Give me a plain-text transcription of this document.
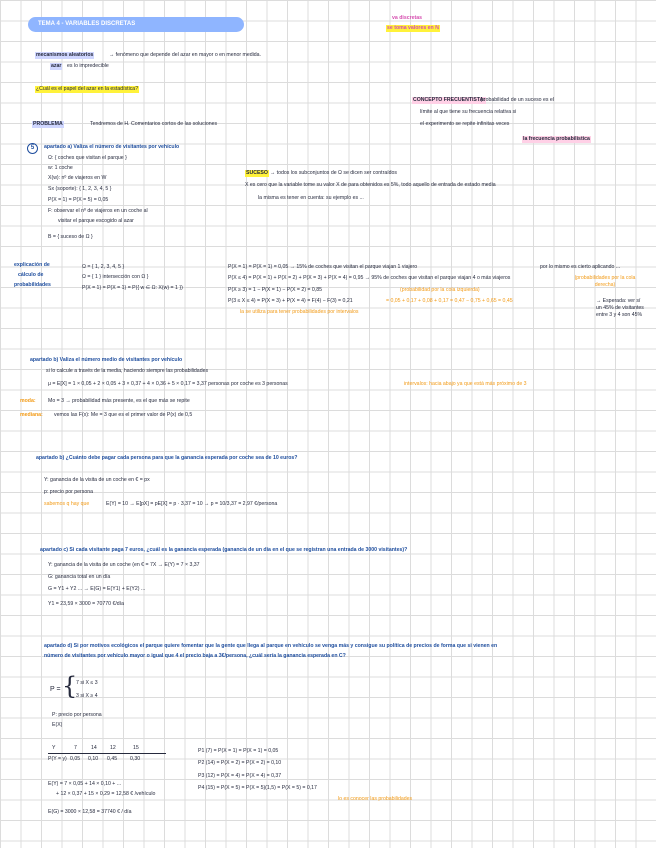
TEMA 4 - VARIABLES DISCRETAS
va discretas
se toma valores en ℕ
mecanismos aleatorios	→ fenómeno que depende del azar en mayor o en menor medida.
azar es lo impredecible
¿Cuál es el papel del azar en la estadística?
CONCEPTO FRECUENTISTA:
probabilidad de un suceso es el
límite al que tiene su frecuencia relativa si
el experimento se repite infinitas veces
la frecuencia probabilística
PROBLEMA	Tendremos de H. Comentarios cortos de las soluciones
5	apartado a) Valiza el número de visitantes por vehículo
Ω: { coches que visitan el parque }
w: 1 coche
X(w): nº de viajeros en W
Sx (soporte): { 1, 2, 3, 4, 5 }
P(X = 1) = P(X = 5) = 0,05
F: observar el nº de viajeros en un coche al
visitar el parque escogido al azar
B = { suceso de Ω }
SUCESO → todos los subconjuntos de Ω se dicen ser contraídos
X es cero que la variable tome su valor X de para obtenidos es 5%, todo aquello de entrada de estado media
la misma es tener en cuenta: su ejemplo es ...
explicación de
cálculo de
probabilidades
Ω = { 1, 2, 3, 4, 5 }
Ω = { 1 } intersección con Ω }
P(X = 1) = P(X = 1) = P({ w ∈ Ω: X(w) = 1 })
P(X = 1) = P(X = 1) = 0,05 → 15% de coches que visitan el parque viajan 1 viajero	por lo mismo es cierto aplicando ...
P(X ≤ 4) = P(X = 1) + P(X = 2) + P(X = 3) + P(X = 4) = 0,95 → 95% de coches que visitan el parque viajan 4 o más viajeros	(probabilidades por la cola derecha)
P(X ≥ 3) = 1 − P(X = 1) − P(X = 2) = 0,85	(probabilidad por la cola izquierda)
P(3 ≤ X ≤ 4) = P(X = 3) + P(X = 4) = F(4) − F(3) = 0,21	= 0,05 + 0,17 + 0,08 + 0,17 = 0,47 − 0,75 + 0,65 = 0,45	→ Esperada: ver sí un 45% de visitantes entre 3 y 4 son 45%
la se utiliza para tener probabilidades por intervalos
apartado b) Valiza el número medio de visitantes por vehículo
si lo calcule a través de la media, haciendo siempre las probabilidades
μ = E[X] = 1 × 0,05 + 2 × 0,05 + 3 × 0,37 + 4 × 0,36 + 5 × 0,17 = 3,37 personas por coche es 3 personas	intervalos: hacia abajo ya que está más próximo de 3
moda: Mo = 3 → probabilidad más presente, es el que más se repite
mediana: vemos las F(x): Me = 3 que es el primer valor de P(x) de 0,5
apartado b) ¿Cuánto debe pagar cada persona para que la ganancia esperada por coche sea de 10 euros?
Y: ganancia de la visita de un coche en € = px
p: precio por persona
sabemos q hay que	E(Y) = 10 → E[pX] = pE[X] = p · 3,37 = 10 → p = 10/3,37 = 2,97 €/persona
apartado c) Si cada visitante paga 7 euros, ¿cuál es la ganancia esperada (ganancia de un día en el que se registran una entrada de 3000 visitantes)?
Y: ganancia de la visita de un coche (en € = 7X → E(Y) = 7 × 3,37
G: ganancia total en un día
G = Y1 + Y2 ... → E(G) = E(Y1) + E(Y2) ...
Y1 = 23,59 × 3000 = 70770 €/día
apartado d) Si por motivos ecológicos el parque quiere fomentar que la gente que llega al parque en vehículo se venga más y consigue su política de precios de forma que si vienen en
número de visitantes por vehículo mayor o igual que 4 el precio baja a 3€/persona, ¿cuál sería la ganancia esperada en C?
P = {
7 si X ≤ 3
3 si X ≥ 4
P: precio por persona
E(X)
Y	7	14	12	15
P(Y = y) 0,05 0,10 0,45 0,30
E(Y) = 7 × 0,05 + 14 × 0,10 + ...
+ 12 × 0,37 + 15 × 0,29 = 12,58 € /vehículo
E(G) = 3000 × 12,58 = 37740 € / día
P1 (7) = P(X = 1) = P(X = 1) = 0,05
P2 (14) = P(X = 2) = P(X = 2) = 0,10
P3 (12) = P(X = 4) = P(X = 4) = 0,37
P4 (15) = P(X = 5) = P(X = 5)(1,5) = P(X = 5) = 0,17
lo es conocer las probabilidades
